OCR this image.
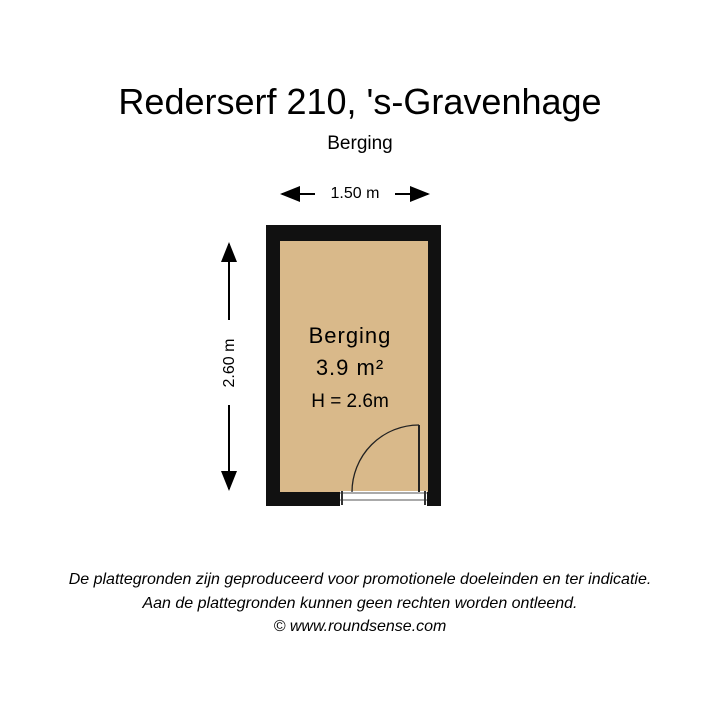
Rederserf 210, 's-Gravenhage
Berging
1.50 m
2.60 m
Berging
3.9 m²
H = 2.6m
De plattegronden zijn geproduceerd voor promotionele doeleinden en ter indicatie.
Aan de plattegronden kunnen geen rechten worden ontleend.
© www.roundsense.com
